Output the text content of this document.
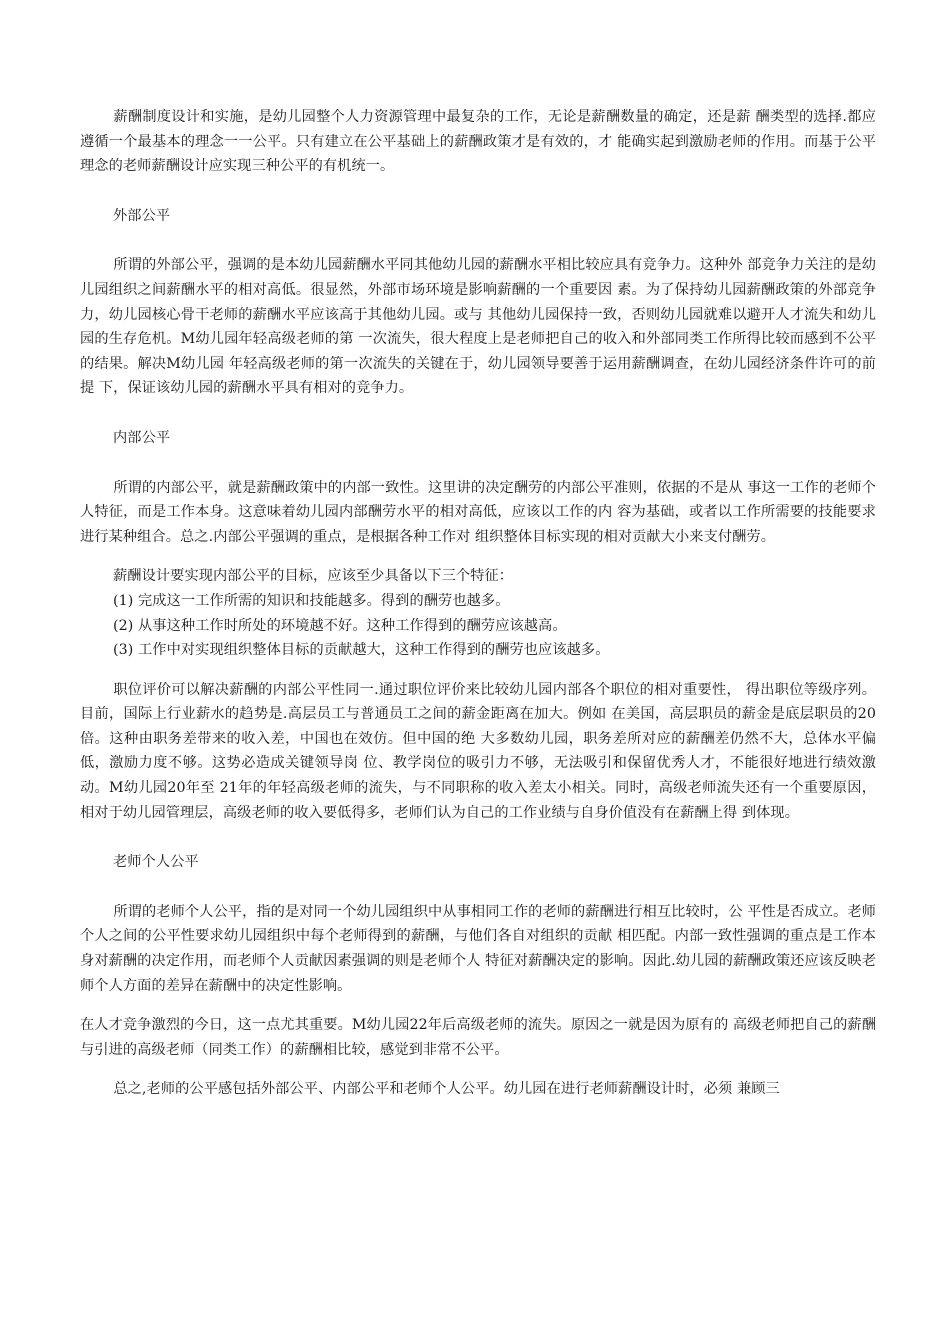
薪酬制度设计和实施，是幼儿园整个人力资源管理中最复杂的工作，无论是薪酬数量的确定，还是薪 酬类型的选择.都应遵循一个最基本的理念一一公平。只有建立在公平基础上的薪酬政策才是有效的，才 能确实起到激励老师的作用。而基于公平理念的老师薪酬设计应实现三种公平的有机统一。

外部公平

所谓的外部公平，强调的是本幼儿园薪酬水平同其他幼儿园的薪酬水平相比较应具有竞争力。这种外 部竞争力关注的是幼儿园组织之间薪酬水平的相对高低。很显然，外部市场环境是影响薪酬的一个重要因 素。为了保持幼儿园薪酬政策的外部竞争力，幼儿园核心骨干老师的薪酬水平应该高于其他幼儿园。或与 其他幼儿园保持一致，否则幼儿园就难以避开人才流失和幼儿园的生存危机。M幼儿园年轻高级老师的第 一次流失，很大程度上是老师把自己的收入和外部同类工作所得比较而感到不公平的结果。解决M幼儿园 年轻高级老师的第一次流失的关键在于，幼儿园领导要善于运用薪酬调查，在幼儿园经济条件许可的前提 下，保证该幼儿园的薪酬水平具有相对的竞争力。

内部公平

所谓的内部公平，就是薪酬政策中的内部一致性。这里讲的决定酬劳的内部公平准则，依据的不是从 事这一工作的老师个人特征，而是工作本身。这意味着幼儿园内部酬劳水平的相对高低，应该以工作的内 容为基础，或者以工作所需要的技能要求进行某种组合。总之.内部公平强调的重点，是根据各种工作对 组织整体目标实现的相对贡献大小来支付酬劳。

薪酬设计要实现内部公平的目标，应该至少具备以下三个特征：

(1) 完成这一工作所需的知识和技能越多。得到的酬劳也越多。

(2) 从事这种工作时所处的环境越不好。这种工作得到的酬劳应该越高。

(3) 工作中对实现组织整体目标的贡献越大，这种工作得到的酬劳也应该越多。

职位评价可以解决薪酬的内部公平性同一.通过职位评价来比较幼儿园内部各个职位的相对重要性， 得出职位等级序列。目前，国际上行业薪水的趋势是.高层员工与普通员工之间的薪金距离在加大。例如 在美国，高层职员的薪金是底层职员的20倍。这种由职务差带来的收入差，中国也在效仿。但中国的绝 大多数幼儿园，职务差所对应的薪酬差仍然不大，总体水平偏低，激励力度不够。这势必造成关键领导岗 位、教学岗位的吸引力不够，无法吸引和保留优秀人才，不能很好地进行绩效激动。M幼儿园20年至 21年的年轻高级老师的流失，与不同职称的收入差太小相关。同时，高级老师流失还有一个重要原因， 相对于幼儿园管理层，高级老师的收入要低得多，老师们认为自己的工作业绩与自身价值没有在薪酬上得 到体现。

老师个人公平

所谓的老师个人公平，指的是对同一个幼儿园组织中从事相同工作的老师的薪酬进行相互比较时，公 平性是否成立。老师个人之间的公平性要求幼儿园组织中每个老师得到的薪酬，与他们各自对组织的贡献 相匹配。内部一致性强调的重点是工作本身对薪酬的决定作用，而老师个人贡献因素强调的则是老师个人 特征对薪酬决定的影响。因此.幼儿园的薪酬政策还应该反映老师个人方面的差异在薪酬中的决定性影响。

在人才竞争激烈的今日，这一点尤其重要。M幼儿园22年后高级老师的流失。原因之一就是因为原有的 高级老师把自己的薪酬与引进的高级老师（同类工作）的薪酬相比较，感觉到非常不公平。

总之,老师的公平感包括外部公平、内部公平和老师个人公平。幼儿园在进行老师薪酬设计时，必须 兼顾三
